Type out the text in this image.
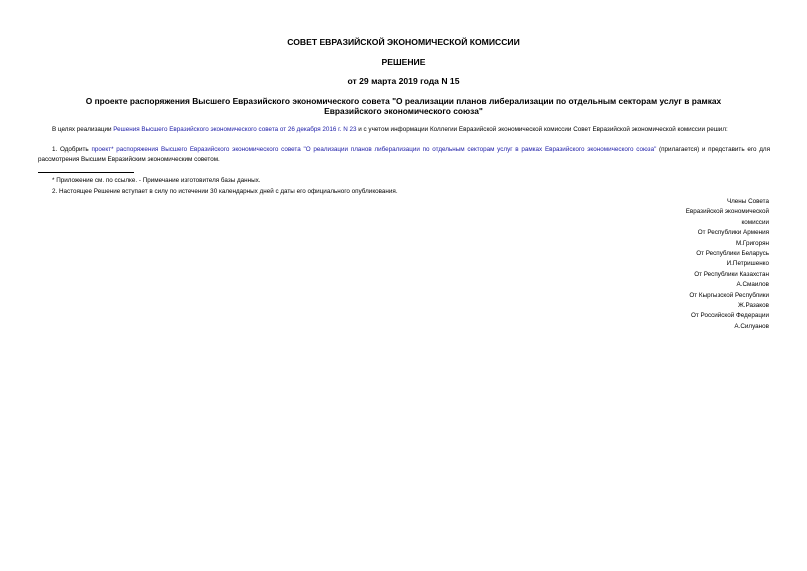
СОВЕТ ЕВРАЗИЙСКОЙ ЭКОНОМИЧЕСКОЙ КОМИССИИ
РЕШЕНИЕ
от 29 марта 2019 года N 15
О проекте распоряжения Высшего Евразийского экономического совета "О реализации планов либерализации по отдельным секторам услуг в рамках Евразийского экономического союза"
В целях реализации Решения Высшего Евразийского экономического совета от 26 декабря 2016 г. N 23 и с учетом информации Коллегии Евразийской экономической комиссии Совет Евразийской экономической комиссии решил:
1. Одобрить проект* распоряжения Высшего Евразийского экономического совета "О реализации планов либерализации по отдельным секторам услуг в рамках Евразийского экономического союза" (прилагается) и представить его для рассмотрения Высшим Евразийским экономическим советом.
* Приложение см. по ссылке. - Примечание изготовителя базы данных.
2. Настоящее Решение вступает в силу по истечении 30 календарных дней с даты его официального опубликования.
Члены Совета
Евразийской экономической
комиссии
От Республики Армения
М.Григорян
От Республики Беларусь
И.Петришенко
От Республики Казахстан
А.Смаилов
От Кыргызской Республики
Ж.Разаков
От Российской Федерации
А.Силуанов
